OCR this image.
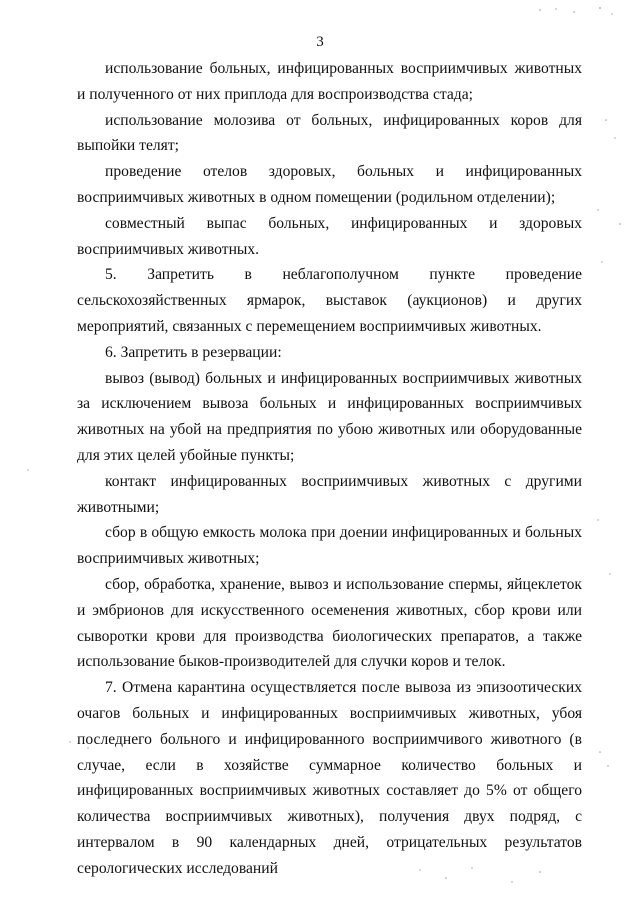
3

использование больных, инфицированных восприимчивых животных и полученного от них приплода для воспроизводства стада;

использование молозива от больных, инфицированных коров для выпойки телят;

проведение отелов здоровых, больных и инфицированных восприимчивых животных в одном помещении (родильном отделении);

совместный выпас больных, инфицированных и здоровых восприимчивых животных.

5. Запретить в неблагополучном пункте проведение сельскохозяйственных ярмарок, выставок (аукционов) и других мероприятий, связанных с перемещением восприимчивых животных.

6. Запретить в резервации:

вывоз (вывод) больных и инфицированных восприимчивых животных за исключением вывоза больных и инфицированных восприимчивых животных на убой на предприятия по убою животных или оборудованные для этих целей убойные пункты;

контакт инфицированных восприимчивых животных с другими животными;

сбор в общую емкость молока при доении инфицированных и больных восприимчивых животных;

сбор, обработка, хранение, вывоз и использование спермы, яйцеклеток и эмбрионов для искусственного осеменения животных, сбор крови или сыворотки крови для производства биологических препаратов, а также использование быков-производителей для случки коров и телок.

7. Отмена карантина осуществляется после вывоза из эпизоотических очагов больных и инфицированных восприимчивых животных, убоя последнего больного и инфицированного восприимчивого животного (в случае, если в хозяйстве суммарное количество больных и инфицированных восприимчивых животных составляет до 5% от общего количества восприимчивых животных), получения двух подряд, с интервалом в 90 календарных дней, отрицательных результатов серологических исследований
